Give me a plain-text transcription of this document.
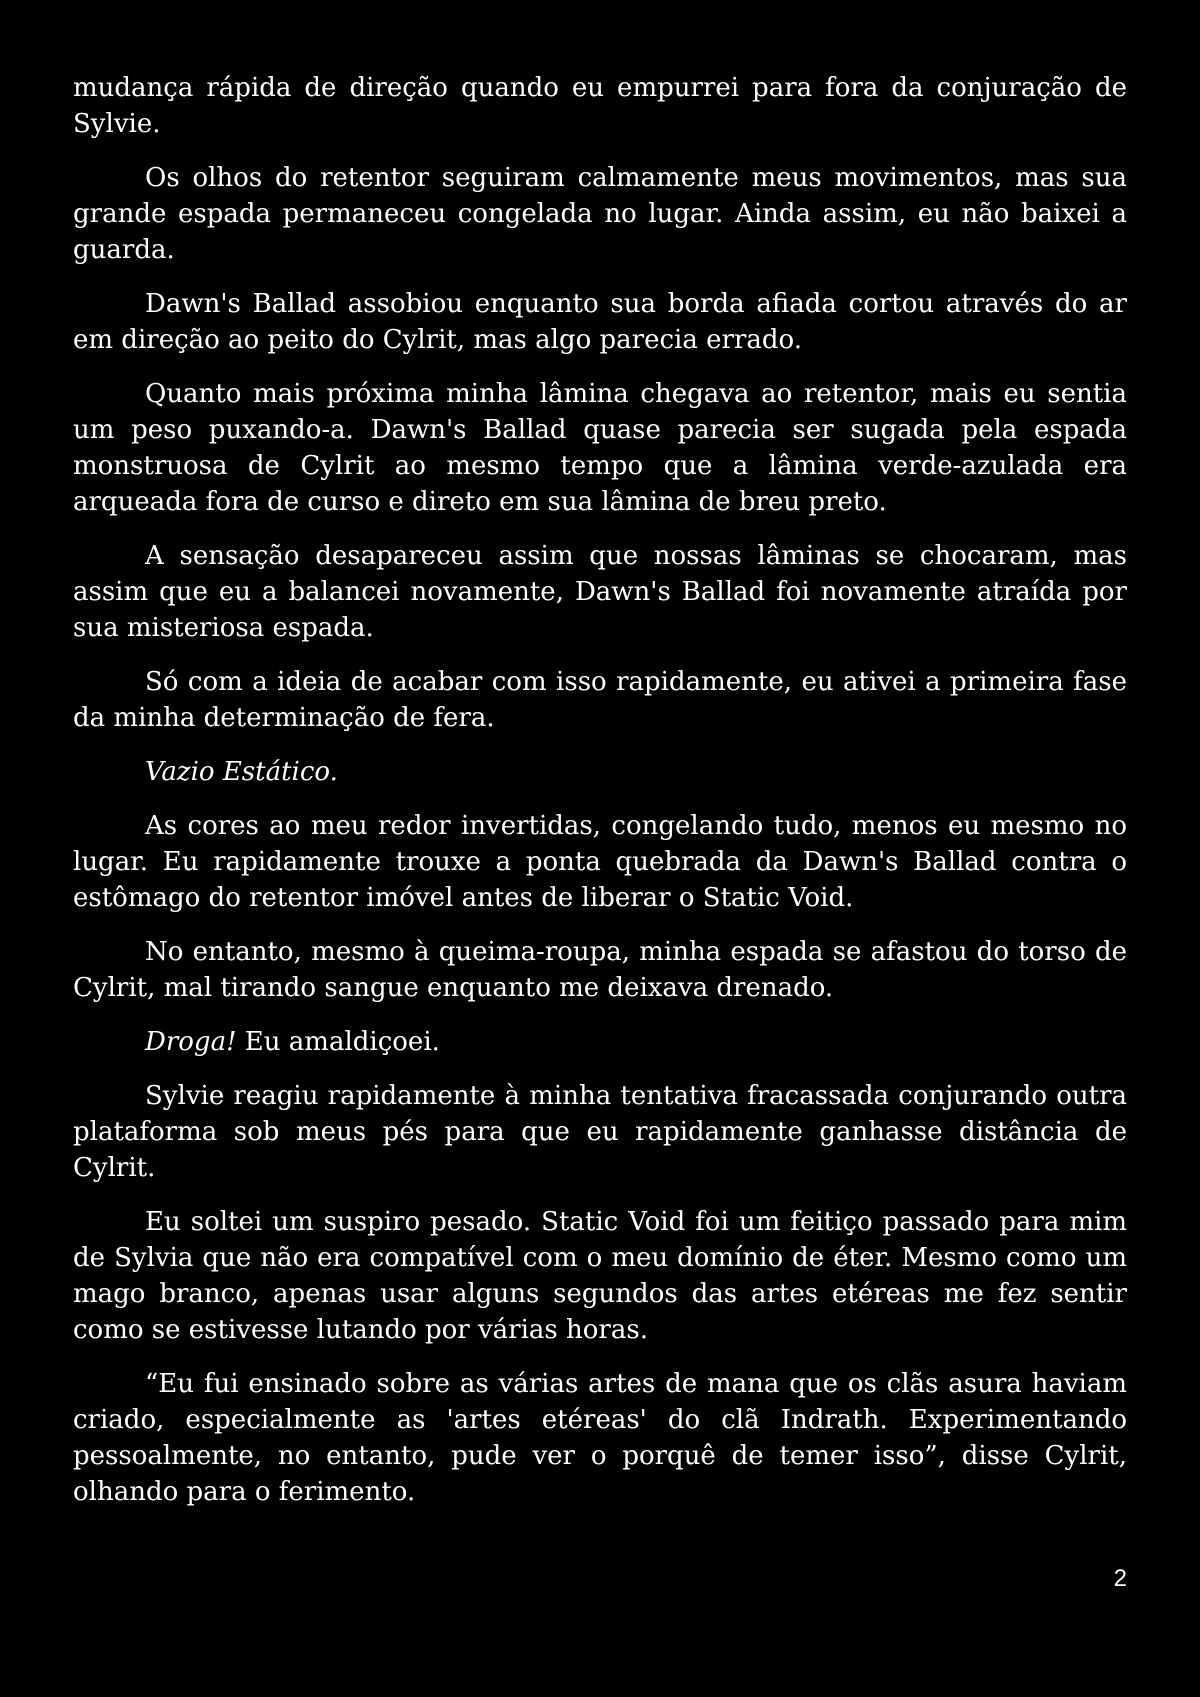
mudança rápida de direção quando eu empurrei para fora da conjuração de Sylvie.

Os olhos do retentor seguiram calmamente meus movimentos, mas sua grande espada permaneceu congelada no lugar. Ainda assim, eu não baixei a guarda.

Dawn's Ballad assobiou enquanto sua borda afiada cortou através do ar em direção ao peito do Cylrit, mas algo parecia errado.

Quanto mais próxima minha lâmina chegava ao retentor, mais eu sentia um peso puxando-a. Dawn's Ballad quase parecia ser sugada pela espada monstruosa de Cylrit ao mesmo tempo que a lâmina verde-azulada era arqueada fora de curso e direto em sua lâmina de breu preto.

A sensação desapareceu assim que nossas lâminas se chocaram, mas assim que eu a balancei novamente, Dawn's Ballad foi novamente atraída por sua misteriosa espada.

Só com a ideia de acabar com isso rapidamente, eu ativei a primeira fase da minha determinação de fera.

Vazio Estático.

As cores ao meu redor invertidas, congelando tudo, menos eu mesmo no lugar. Eu rapidamente trouxe a ponta quebrada da Dawn's Ballad contra o estômago do retentor imóvel antes de liberar o Static Void.

No entanto, mesmo à queima-roupa, minha espada se afastou do torso de Cylrit, mal tirando sangue enquanto me deixava drenado.

Droga! Eu amaldiçoei.

Sylvie reagiu rapidamente à minha tentativa fracassada conjurando outra plataforma sob meus pés para que eu rapidamente ganhasse distância de Cylrit.

Eu soltei um suspiro pesado. Static Void foi um feitiço passado para mim de Sylvia que não era compatível com o meu domínio de éter. Mesmo como um mago branco, apenas usar alguns segundos das artes etéreas me fez sentir como se estivesse lutando por várias horas.

“Eu fui ensinado sobre as várias artes de mana que os clãs asura haviam criado, especialmente as 'artes etéreas' do clã Indrath. Experimentando pessoalmente, no entanto, pude ver o porquê de temer isso”, disse Cylrit, olhando para o ferimento.

2
